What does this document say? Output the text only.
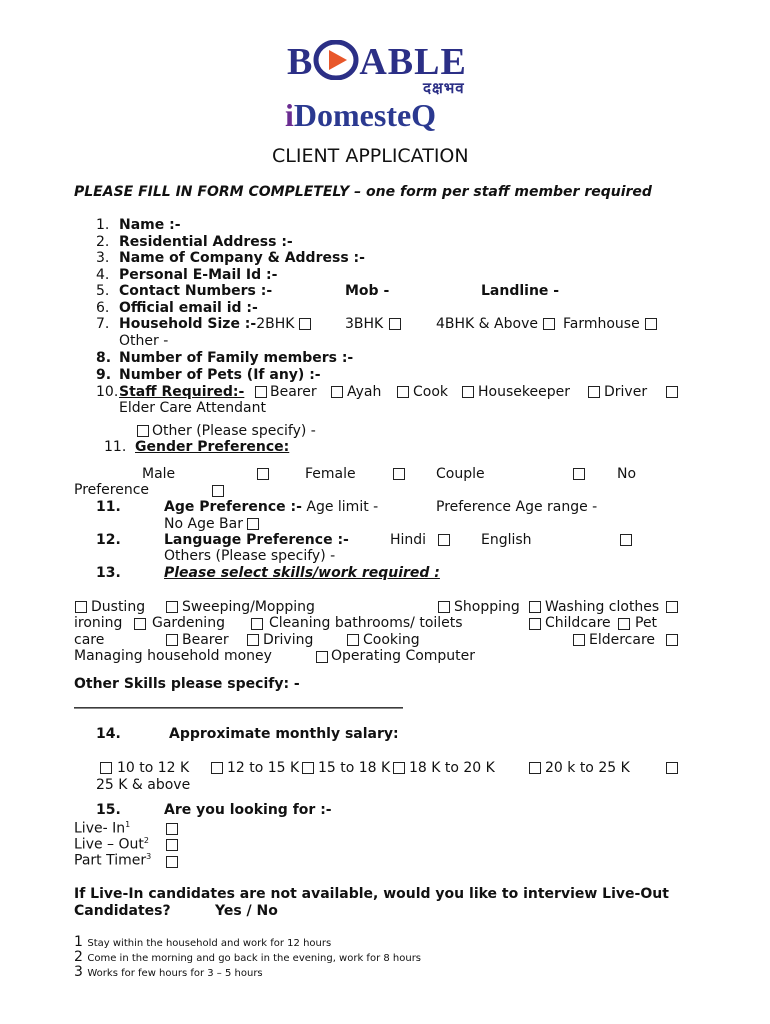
B ABLE
दक्षभव
iDomesteQ
CLIENT APPLICATION
PLEASE FILL IN FORM COMPLETELY – one form per staff member required
1. Name :-
2. Residential Address :-
3. Name of Company & Address :-
4. Personal E-Mail Id :-
5. Contact Numbers :-	Mob -	Landline -
6. Official email id :-
7. Household Size :-2BHK	3BHK	4BHK & Above Farmhouse
Other -
8. Number of Family members :-
9. Number of Pets (If any) :-
10. Staff Required:- Bearer Ayah Cook Housekeeper Driver
Elder Care Attendant
Other (Please specify) -
11. Gender Preference:
Male	Female	Couple	No
Preference
11.	Age Preference :- Age limit -	Preference Age range -
No Age Bar
12.	Language Preference :-	Hindi	English
Others (Please specify) -
13.	Please select skills/work required :
Dusting	Sweeping/Mopping	Shopping Washing clothes
ironing Gardening	Cleaning bathrooms/ toilets	Childcare Pet
care	Bearer Driving	Cooking	Eldercare
Managing household money	Operating Computer
Other Skills please specify: -
_______________________________________________
14.	Approximate monthly salary:
10 to 12 K	12 to 15 K 15 to 18 K 18 K to 20 K	20 k to 25 K
25 K & above
15.	Are you looking for :-
Live- In$^1$
Live – Out$^2$
Part Timer$^3$
If Live-In candidates are not available, would you like to interview Live-Out
Candidates?	Yes / No
1 Stay within the household and work for 12 hours
2 Come in the morning and go back in the evening, work for 8 hours
3 Works for few hours for 3 – 5 hours
